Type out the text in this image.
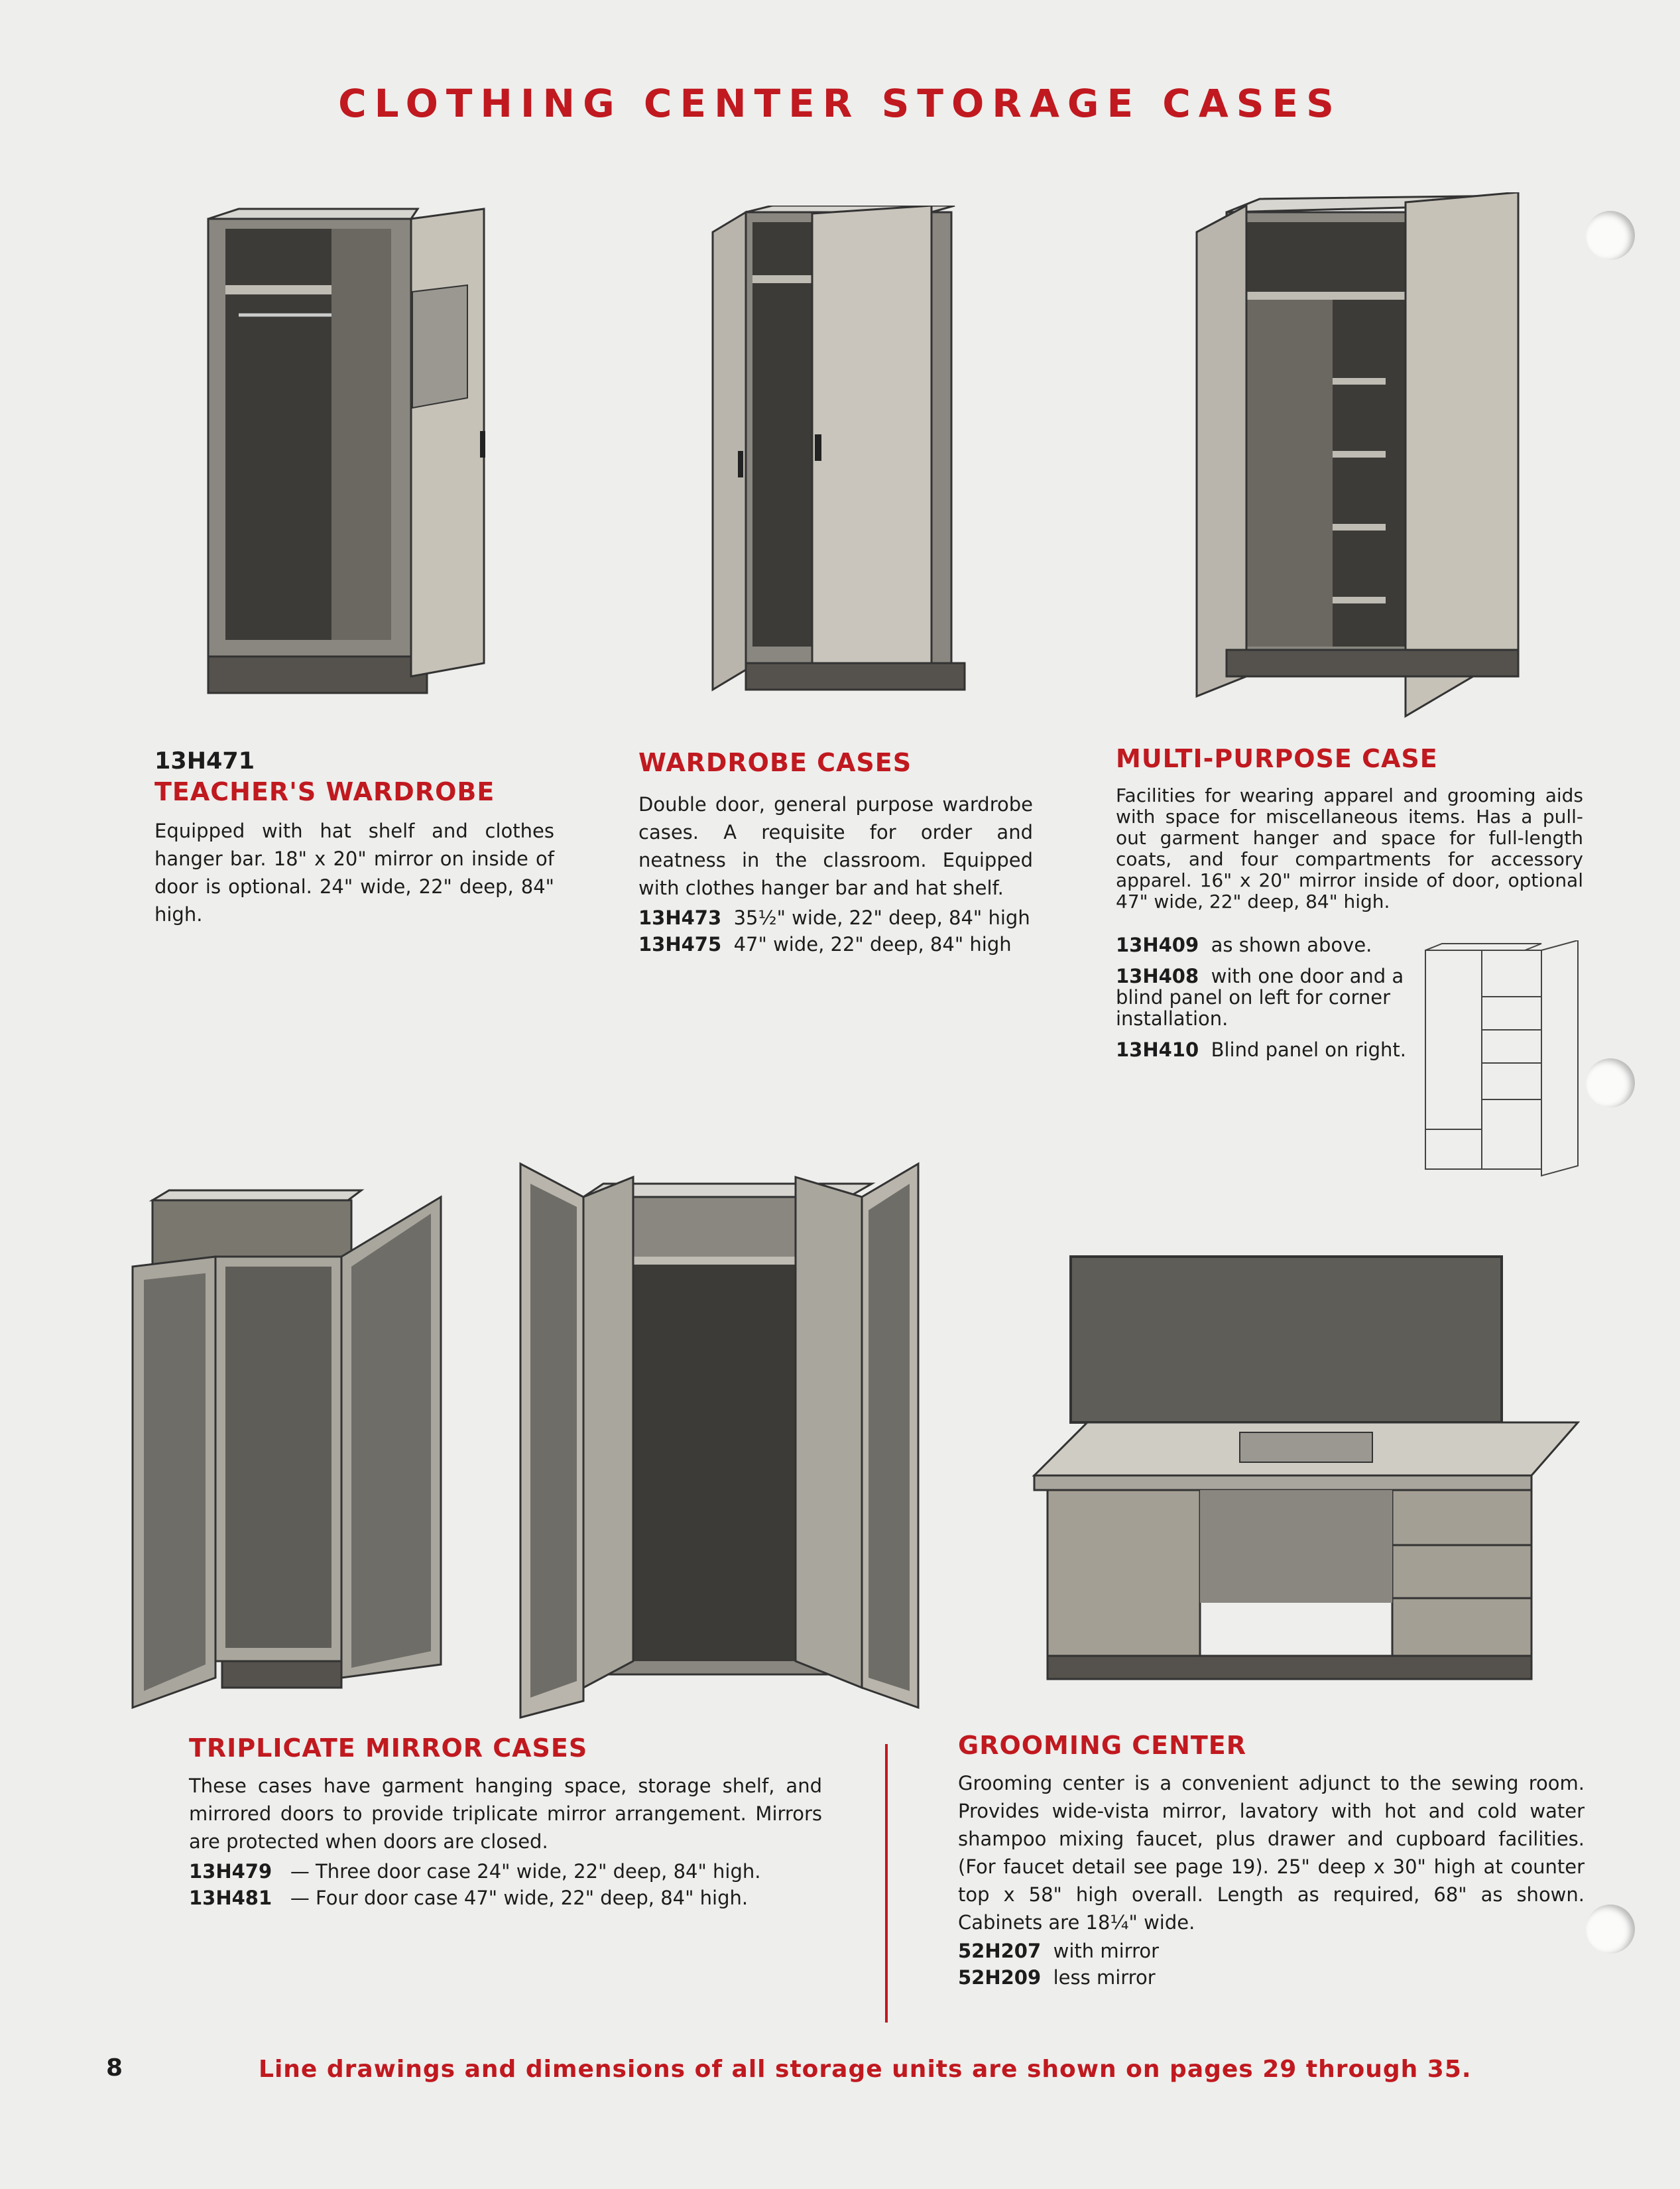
CLOTHING CENTER STORAGE CASES
13H471
TEACHER'S WARDROBE
Equipped with hat shelf and clothes hanger bar. 18" x 20" mirror on inside of door is optional. 24" wide, 22" deep, 84" high.
WARDROBE CASES
Double door, general purpose wardrobe cases. A requisite for order and neatness in the classroom. Equipped with clothes hanger bar and hat shelf.
13H473 35½" wide, 22" deep, 84" high
13H475 47" wide, 22" deep, 84" high
MULTI-PURPOSE CASE
Facilities for wearing apparel and grooming aids with space for miscellaneous items. Has a pull-out garment hanger and space for full-length coats, and four compartments for accessory apparel. 16" x 20" mirror inside of door, optional 47" wide, 22" deep, 84" high.
13H409 as shown above.
13H408 with one door and a blind panel on left for corner installation.
13H410 Blind panel on right.
TRIPLICATE MIRROR CASES
These cases have garment hanging space, storage shelf, and mirrored doors to provide triplicate mirror arrangement. Mirrors are protected when doors are closed.
13H479 — Three door case 24" wide, 22" deep, 84" high.
13H481 — Four door case 47" wide, 22" deep, 84" high.
GROOMING CENTER
Grooming center is a convenient adjunct to the sewing room. Provides wide-vista mirror, lavatory with hot and cold water shampoo mixing faucet, plus drawer and cupboard facilities. (For faucet detail see page 19). 25" deep x 30" high at counter top x 58" high overall. Length as required, 68" as shown. Cabinets are 18¼" wide.
52H207 with mirror
52H209 less mirror
8	Line drawings and dimensions of all storage units are shown on pages 29 through 35.
